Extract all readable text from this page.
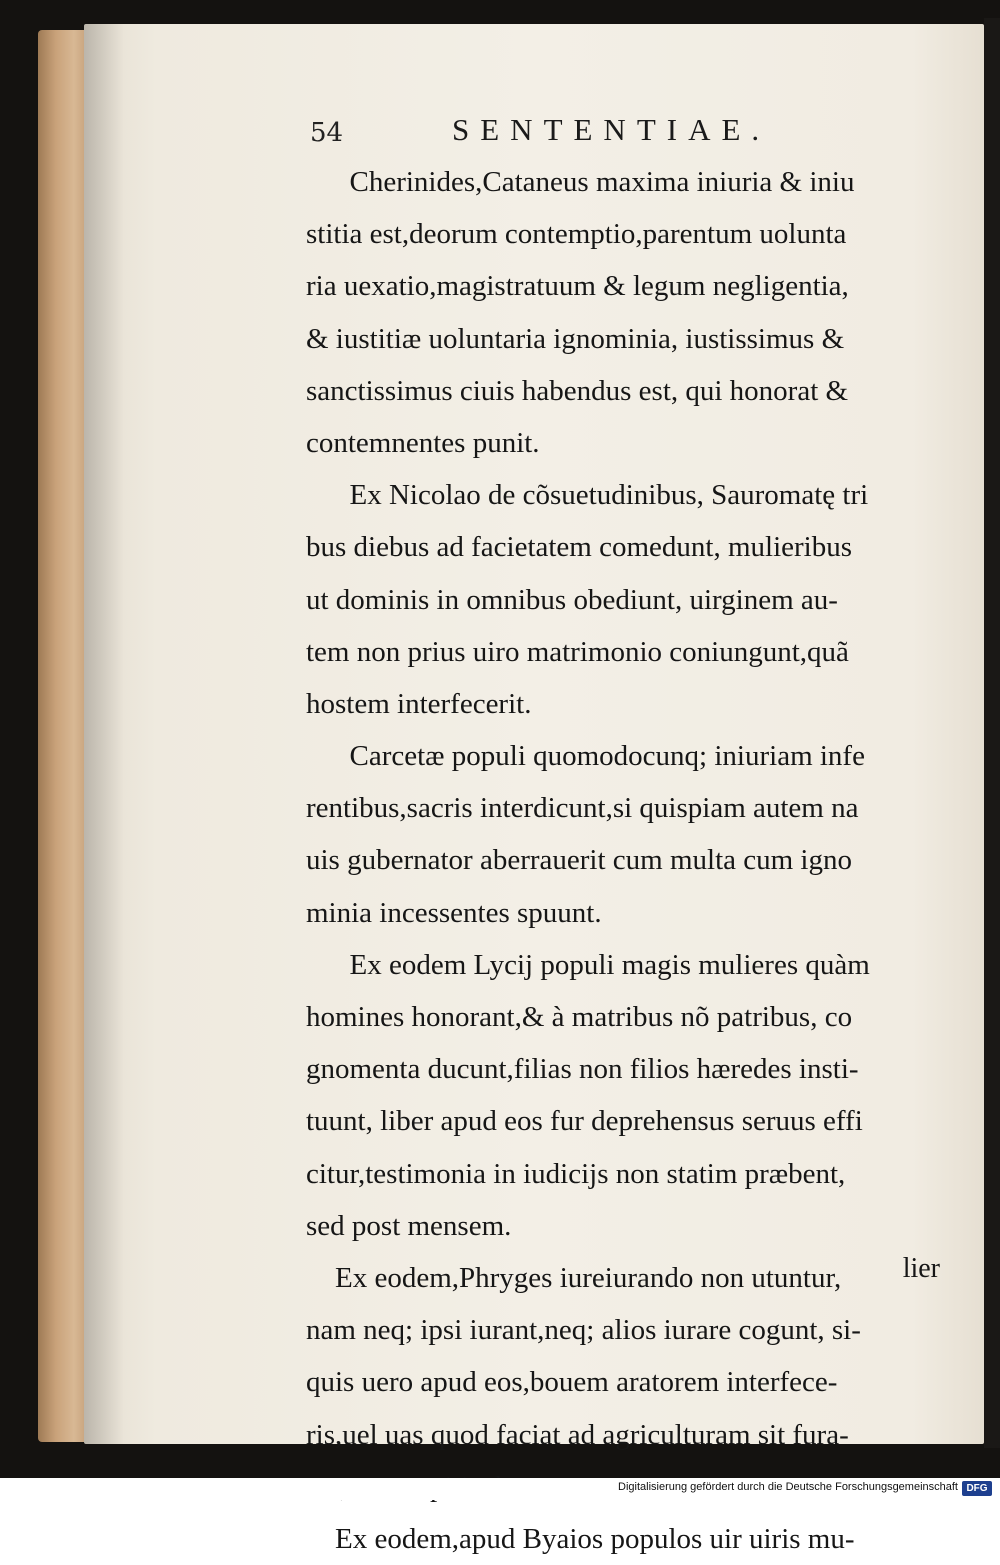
54	SENTENTIAE.
Cherinides,Cataneus maxima iniuria & iniu
stitia est,deorum contemptio,parentum uolunta
ria uexatio,magistratuum & legum negligentia,
& iustitiæ uoluntaria ignominia, iustissimus &
sanctissimus ciuis habendus est, qui honorat &
contemnentes punit.
Ex Nicolao de cõsuetudinibus, Sauromatę tri
bus diebus ad facietatem comedunt, mulieribus
ut dominis in omnibus obediunt, uirginem au-
tem non prius uiro matrimonio coniungunt,quã
hostem interfecerit.
Carcetæ populi quomodocunq; iniuriam infe
rentibus,sacris interdicunt,si quispiam autem na
uis gubernator aberrauerit cum multa cum igno
minia incessentes spuunt.
Ex eodem Lycij populi magis mulieres quàm
homines honorant,& à matribus nõ patribus, co
gnomenta ducunt,filias non filios hæredes insti-
tuunt, liber apud eos fur deprehensus seruus effi
citur,testimonia in iudicijs non statim præbent,
sed post mensem.
Ex eodem,Phryges iureiurando non utuntur,
nam neq; ipsi iurant,neq; alios iurare cogunt, si-
quis uero apud eos,bouem aratorem interfece-
ris,uel uas quod faciat ad agriculturam sit fura-
Ex eodem,apud Byaios populos uir uiris mu-
lier
Digitalisierung gefördert durch die Deutsche Forschungsgemeinschaft DFG
